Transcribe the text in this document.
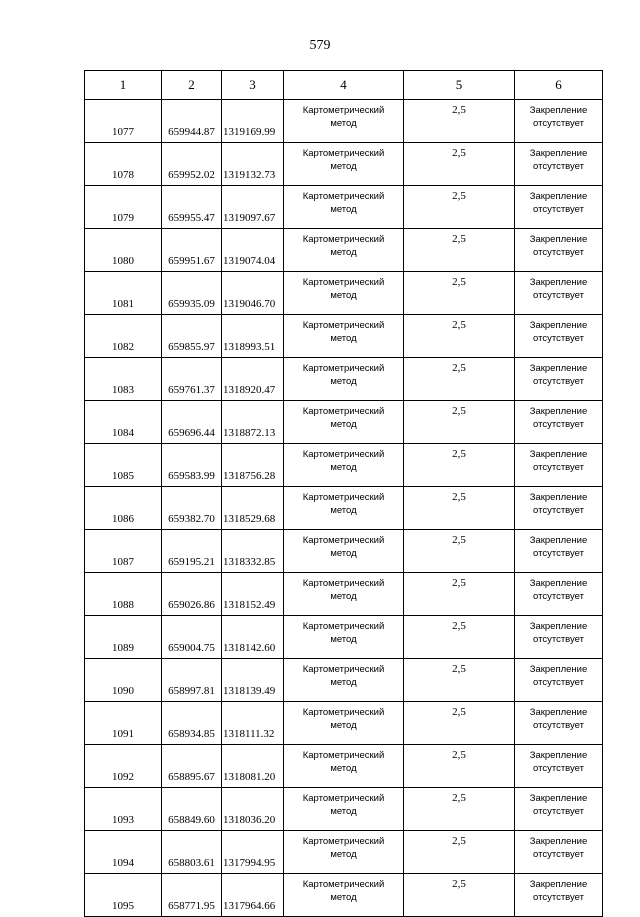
579
1	2	3	4	5	6

1077	659944.87	1319169.99	Картометрический
метод	2,5	Закрепление
отсутствует

1078	659952.02	1319132.73	Картометрический
метод	2,5	Закрепление
отсутствует

1079	659955.47	1319097.67	Картометрический
метод	2,5	Закрепление
отсутствует

1080	659951.67	1319074.04	Картометрический
метод	2,5	Закрепление
отсутствует

1081	659935.09	1319046.70	Картометрический
метод	2,5	Закрепление
отсутствует

1082	659855.97	1318993.51	Картометрический
метод	2,5	Закрепление
отсутствует

1083	659761.37	1318920.47	Картометрический
метод	2,5	Закрепление
отсутствует

1084	659696.44	1318872.13	Картометрический
метод	2,5	Закрепление
отсутствует

1085	659583.99	1318756.28	Картометрический
метод	2,5	Закрепление
отсутствует

1086	659382.70	1318529.68	Картометрический
метод	2,5	Закрепление
отсутствует

1087	659195.21	1318332.85	Картометрический
метод	2,5	Закрепление
отсутствует

1088	659026.86	1318152.49	Картометрический
метод	2,5	Закрепление
отсутствует

1089	659004.75	1318142.60	Картометрический
метод	2,5	Закрепление
отсутствует

1090	658997.81	1318139.49	Картометрический
метод	2,5	Закрепление
отсутствует

1091	658934.85	1318111.32	Картометрический
метод	2,5	Закрепление
отсутствует

1092	658895.67	1318081.20	Картометрический
метод	2,5	Закрепление
отсутствует

1093	658849.60	1318036.20	Картометрический
метод	2,5	Закрепление
отсутствует

1094	658803.61	1317994.95	Картометрический
метод	2,5	Закрепление
отсутствует

1095	658771.95	1317964.66	Картометрический
метод	2,5	Закрепление
отсутствует
